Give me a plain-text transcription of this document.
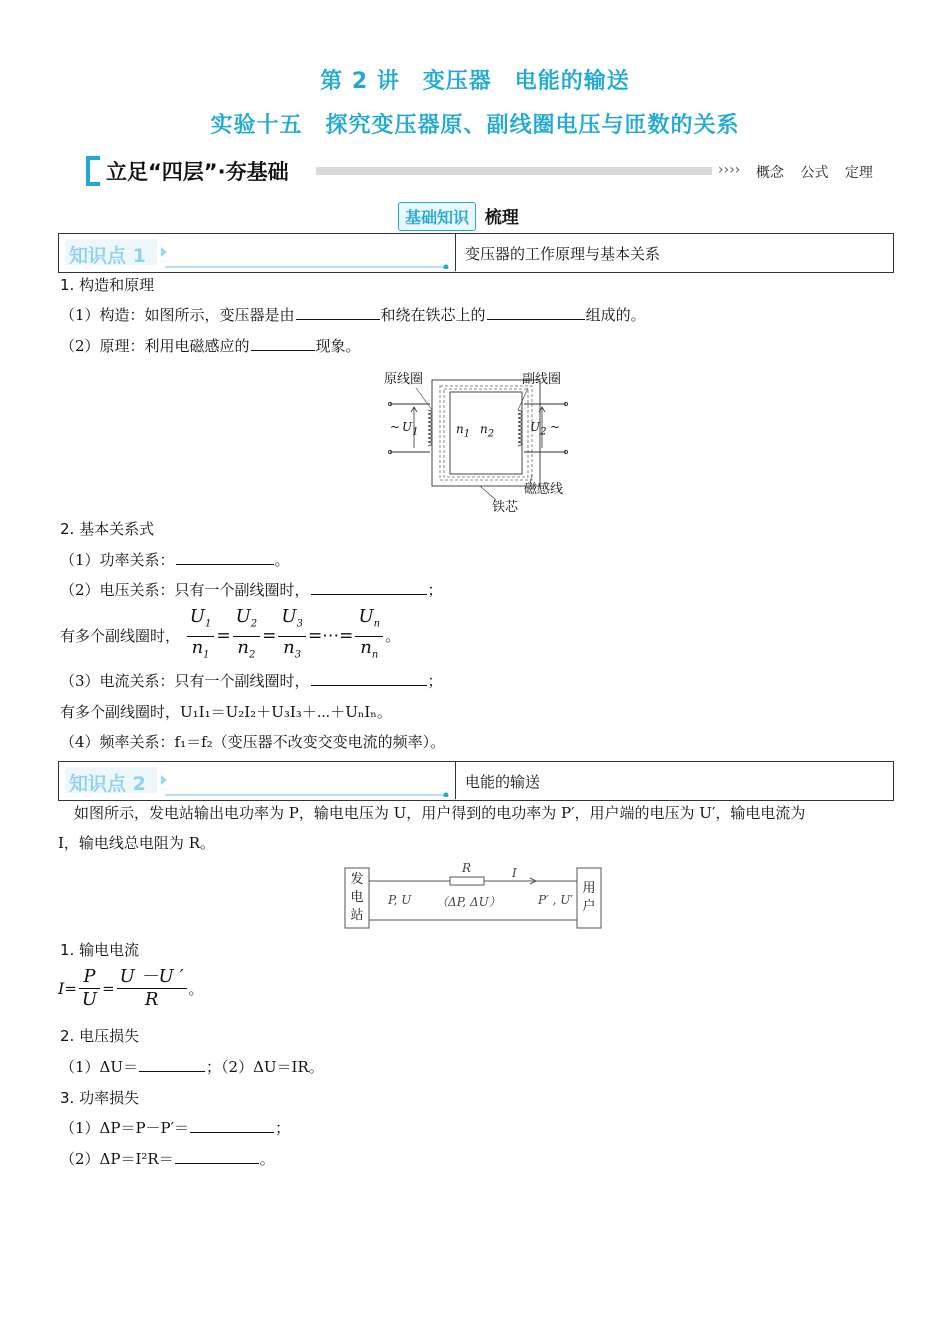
第 2 讲　变压器　电能的输送
实验十五　探究变压器原、副线圈电压与匝数的关系
立足“四层”·夯基础	›››› 概念 公式 定理
基础知识 梳理
知识点 1	变压器的工作原理与基本关系
1. 构造和原理
（1）构造：如图所示，变压器是由	和绕在铁芯上的	组成的。
（2）原理：利用电磁感应的	现象。
原线圈	副线圈
铁芯
磁感线
~ $U_1$	$n_1$ $n_2$	$U_2$ ~
2. 基本关系式
（1）功率关系：	。
（2）电压关系：只有一个副线圈时，	；
有多个副线圈时， $\frac{U_1}{n_1} = \frac{U_2}{n_2} = \frac{U_3}{n_3}$ =⋯= $\frac{U_n}{n_n}$ 。
（3）电流关系：只有一个副线圈时，	；
有多个副线圈时，U₁I₁＝U₂I₂＋U₃I₃＋⋯＋UₙIₙ。
（4）频率关系：f₁＝f₂（变压器不改变交变电流的频率）。
知识点 2	电能的输送
如图所示，发电站输出电功率为 P，输电电压为 U，用户得到的电功率为 P′，用户端的电压为 U′，输电电流为
I，输电线总电阻为 R。
发
电
站
用
户
R	I
P, U （ΔP, ΔU）	P′ , U′
1. 输电电流
$I= \frac{P}{U} = \frac{U -U '}{R}$ 。
2. 电压损失
（1）ΔU＝	；（2）ΔU＝IR。
3. 功率损失
（1）ΔP＝P－P′＝	；
（2）ΔP＝I²R＝	。
